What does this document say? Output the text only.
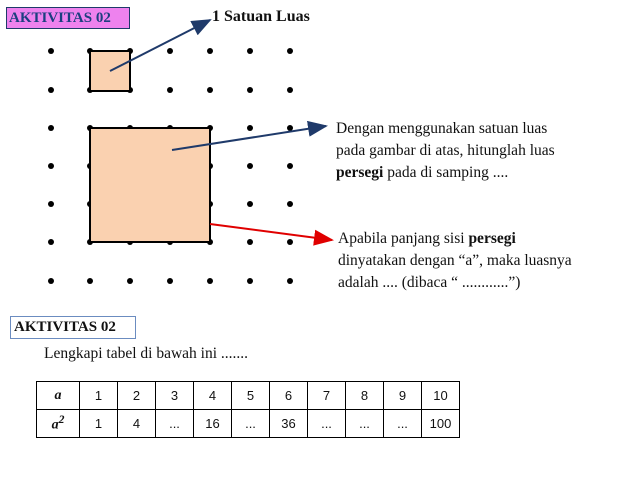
AKTIVITAS 02	1 Satuan Luas
Dengan menggunakan satuan luas
pada gambar di atas, hitunglah luas
persegi pada di samping ....
Apabila panjang sisi persegi
dinyatakan dengan “a”, maka luasnya
adalah .... (dibaca “ ............”)
AKTIVITAS 02
Lengkapi tabel di bawah ini .......
a	1	2	3	4	5	6	7	8	9	10
$a^2$	1	4	...	16	...	36	...	...	...	100
